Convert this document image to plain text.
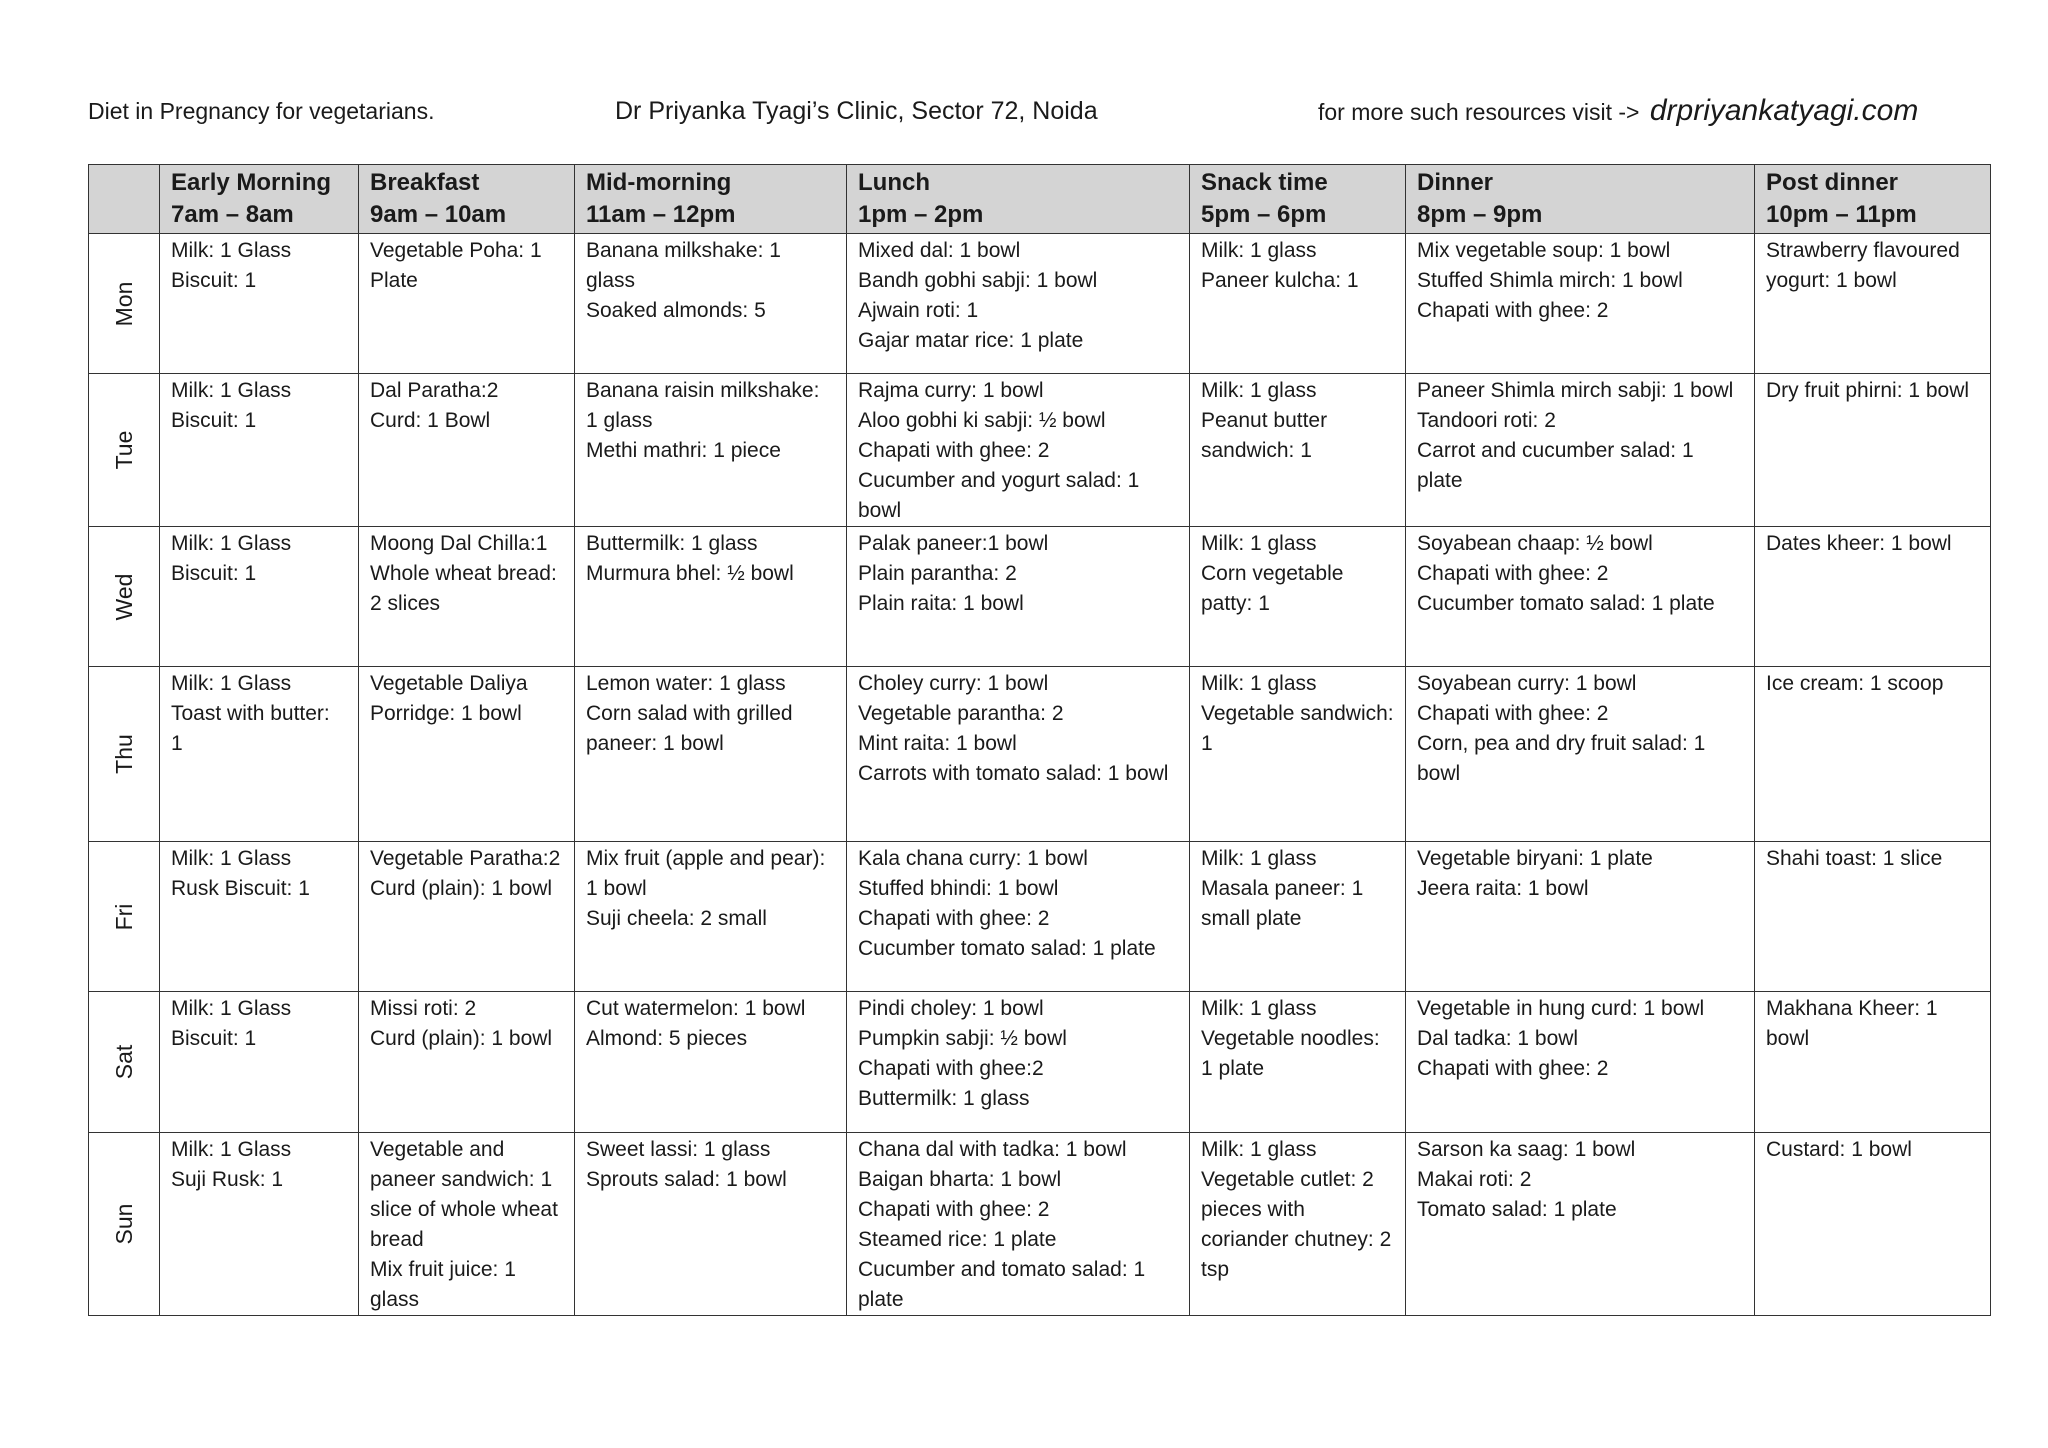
Diet in Pregnancy for vegetarians.	Dr Priyanka Tyagi’s Clinic, Sector 72, Noida	for more such resources visit -> drpriyankatyagi.com

	Early Morning
7am – 8am	Breakfast
9am – 10am	Mid-morning
11am – 12pm	Lunch
1pm – 2pm	Snack time
5pm – 6pm	Dinner
8pm – 9pm	Post dinner
10pm – 11pm

Mon	Milk: 1 Glass
Biscuit: 1	Vegetable Poha: 1 Plate	Banana milkshake: 1 glass
Soaked almonds: 5	Mixed dal: 1 bowl
Bandh gobhi sabji: 1 bowl
Ajwain roti: 1
Gajar matar rice: 1 plate	Milk: 1 glass
Paneer kulcha: 1	Mix vegetable soup: 1 bowl
Stuffed Shimla mirch: 1 bowl
Chapati with ghee: 2	Strawberry flavoured yogurt: 1 bowl

Tue	Milk: 1 Glass
Biscuit: 1	Dal Paratha:2
Curd: 1 Bowl	Banana raisin milkshake: 1 glass
Methi mathri: 1 piece	Rajma curry: 1 bowl
Aloo gobhi ki sabji: ½ bowl
Chapati with ghee: 2
Cucumber and yogurt salad: 1 bowl	Milk: 1 glass
Peanut butter sandwich: 1	Paneer Shimla mirch sabji: 1 bowl
Tandoori roti: 2
Carrot and cucumber salad: 1 plate	Dry fruit phirni: 1 bowl

Wed	Milk: 1 Glass
Biscuit: 1	Moong Dal Chilla:1
Whole wheat bread: 2 slices	Buttermilk: 1 glass
Murmura bhel: ½ bowl	Palak paneer:1 bowl
Plain parantha: 2
Plain raita: 1 bowl	Milk: 1 glass
Corn vegetable patty: 1	Soyabean chaap: ½ bowl
Chapati with ghee: 2
Cucumber tomato salad: 1 plate	Dates kheer: 1 bowl

Thu	Milk: 1 Glass
Toast with butter: 1	Vegetable Daliya Porridge: 1 bowl	Lemon water: 1 glass
Corn salad with grilled paneer: 1 bowl	Choley curry: 1 bowl
Vegetable parantha: 2
Mint raita: 1 bowl
Carrots with tomato salad: 1 bowl	Milk: 1 glass
Vegetable sandwich: 1	Soyabean curry: 1 bowl
Chapati with ghee: 2
Corn, pea and dry fruit salad: 1 bowl	Ice cream: 1 scoop

Fri	Milk: 1 Glass
Rusk Biscuit: 1	Vegetable Paratha:2
Curd (plain): 1 bowl	Mix fruit (apple and pear): 1 bowl
Suji cheela: 2 small	Kala chana curry: 1 bowl
Stuffed bhindi: 1 bowl
Chapati with ghee: 2
Cucumber tomato salad: 1 plate	Milk: 1 glass
Masala paneer: 1 small plate	Vegetable biryani: 1 plate
Jeera raita: 1 bowl	Shahi toast: 1 slice

Sat	Milk: 1 Glass
Biscuit: 1	Missi roti: 2
Curd (plain): 1 bowl	Cut watermelon: 1 bowl
Almond: 5 pieces	Pindi choley: 1 bowl
Pumpkin sabji: ½ bowl
Chapati with ghee:2
Buttermilk: 1 glass	Milk: 1 glass
Vegetable noodles: 1 plate	Vegetable in hung curd: 1 bowl
Dal tadka: 1 bowl
Chapati with ghee: 2	Makhana Kheer: 1 bowl

Sun	Milk: 1 Glass
Suji Rusk: 1	Vegetable and paneer sandwich: 1 slice of whole wheat bread
Mix fruit juice: 1 glass	Sweet lassi: 1 glass
Sprouts salad: 1 bowl	Chana dal with tadka: 1 bowl
Baigan bharta: 1 bowl
Chapati with ghee: 2
Steamed rice: 1 plate
Cucumber and tomato salad: 1 plate	Milk: 1 glass
Vegetable cutlet: 2 pieces with coriander chutney: 2 tsp	Sarson ka saag: 1 bowl
Makai roti: 2
Tomato salad: 1 plate	Custard: 1 bowl
